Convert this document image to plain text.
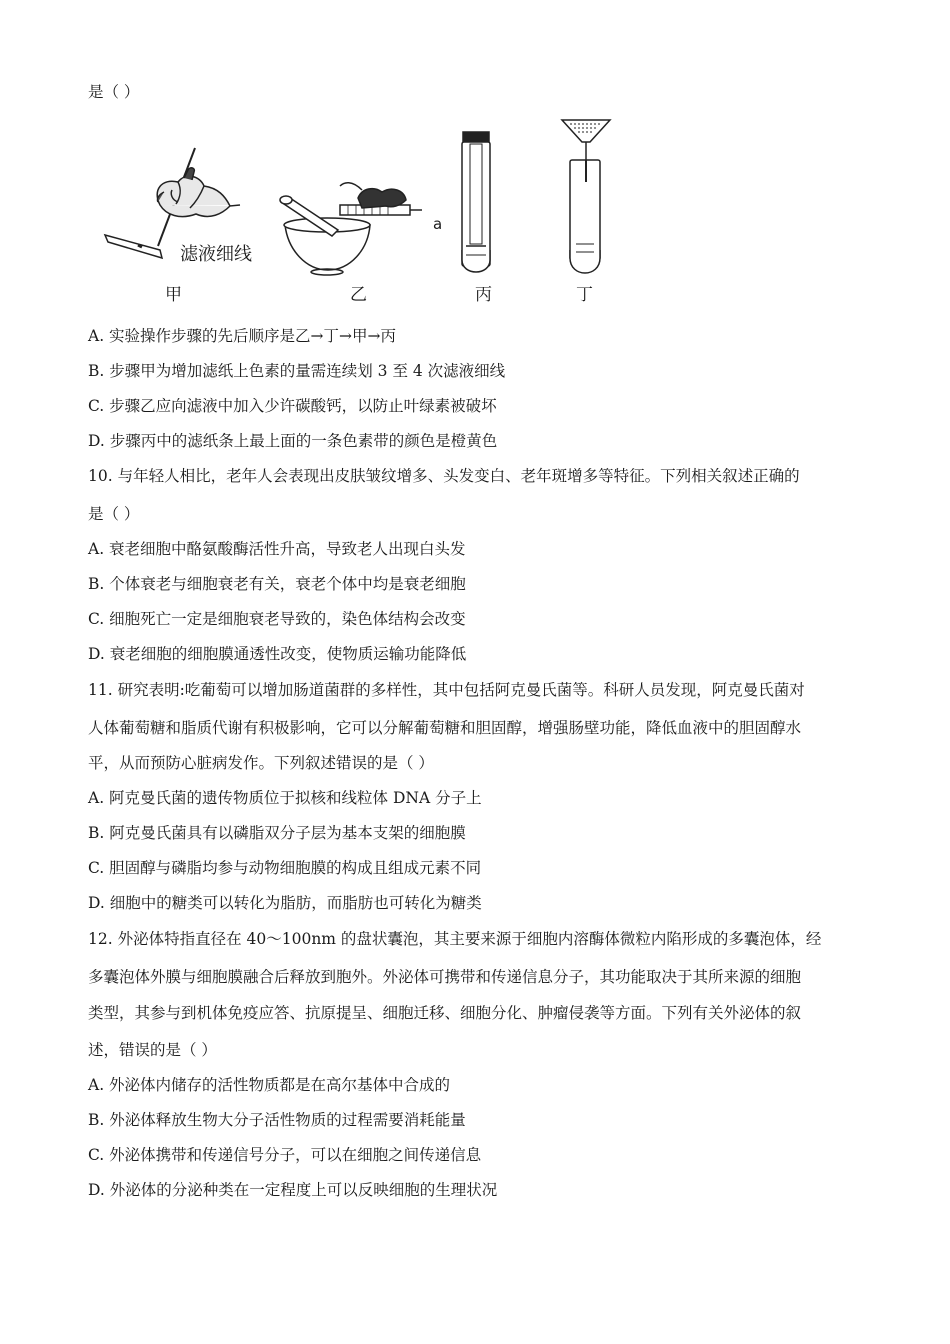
是（ ）
滤液细线
a
甲	乙	丙	丁
A. 实验操作步骤的先后顺序是乙→丁→甲→丙
B. 步骤甲为增加滤纸上色素的量需连续划 3 至 4 次滤液细线
C. 步骤乙应向滤液中加入少许碳酸钙，以防止叶绿素被破坏
D. 步骤丙中的滤纸条上最上面的一条色素带的颜色是橙黄色
10. 与年轻人相比，老年人会表现出皮肤皱纹增多、头发变白、老年斑增多等特征。下列相关叙述正确的
是（ ）
A. 衰老细胞中酪氨酸酶活性升高，导致老人出现白头发
B. 个体衰老与细胞衰老有关，衰老个体中均是衰老细胞
C. 细胞死亡一定是细胞衰老导致的，染色体结构会改变
D. 衰老细胞的细胞膜通透性改变，使物质运输功能降低
11. 研究表明:吃葡萄可以增加肠道菌群的多样性，其中包括阿克曼氏菌等。科研人员发现，阿克曼氏菌对
人体葡萄糖和脂质代谢有积极影响，它可以分解葡萄糖和胆固醇，增强肠壁功能，降低血液中的胆固醇水
平，从而预防心脏病发作。下列叙述错误的是（ ）
A. 阿克曼氏菌的遗传物质位于拟核和线粒体 DNA 分子上
B. 阿克曼氏菌具有以磷脂双分子层为基本支架的细胞膜
C. 胆固醇与磷脂均参与动物细胞膜的构成且组成元素不同
D. 细胞中的糖类可以转化为脂肪，而脂肪也可转化为糖类
12. 外泌体特指直径在 40～100nm 的盘状囊泡，其主要来源于细胞内溶酶体微粒内陷形成的多囊泡体，经
多囊泡体外膜与细胞膜融合后释放到胞外。外泌体可携带和传递信息分子，其功能取决于其所来源的细胞
类型，其参与到机体免疫应答、抗原提呈、细胞迁移、细胞分化、肿瘤侵袭等方面。下列有关外泌体的叙
述，错误的是（ ）
A. 外泌体内储存的活性物质都是在高尔基体中合成的
B. 外泌体释放生物大分子活性物质的过程需要消耗能量
C. 外泌体携带和传递信号分子，可以在细胞之间传递信息
D. 外泌体的分泌种类在一定程度上可以反映细胞的生理状况
